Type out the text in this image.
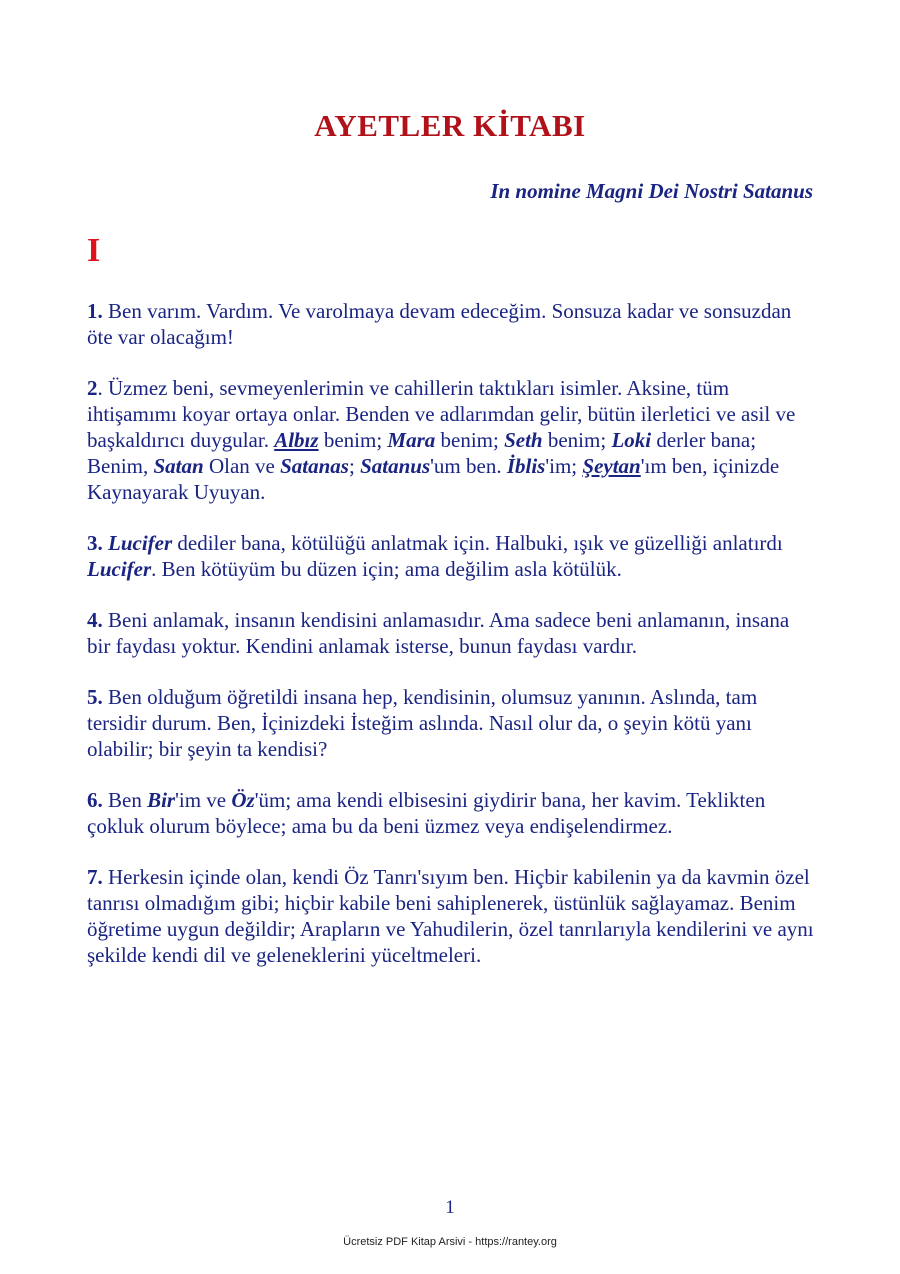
AYETLER KİTABI

In nomine Magni Dei Nostri Satanus

I

1. Ben varım. Vardım. Ve varolmaya devam edeceğim. Sonsuza kadar ve sonsuzdan öte var olacağım!

2. Üzmez beni, sevmeyenlerimin ve cahillerin taktıkları isimler. Aksine, tüm ihtişamımı koyar ortaya onlar. Benden ve adlarımdan gelir, bütün ilerletici ve asil ve başkaldırıcı duygular. Albız benim; Mara benim; Seth benim; Loki derler bana; Benim, Satan Olan ve Satanas; Satanus'um ben. İblis'im; Şeytan'ım ben, içinizde Kaynayarak Uyuyan.

3. Lucifer dediler bana, kötülüğü anlatmak için. Halbuki, ışık ve güzelliği anlatırdı Lucifer. Ben kötüyüm bu düzen için; ama değilim asla kötülük.

4. Beni anlamak, insanın kendisini anlamasıdır. Ama sadece beni anlamanın, insana bir faydası yoktur. Kendini anlamak isterse, bunun faydası vardır.

5. Ben olduğum öğretildi insana hep, kendisinin, olumsuz yanının. Aslında, tam tersidir durum. Ben, İçinizdeki İsteğim aslında. Nasıl olur da, o şeyin kötü yanı olabilir; bir şeyin ta kendisi?

6. Ben Bir'im ve Öz'üm; ama kendi elbisesini giydirir bana, her kavim. Teklikten çokluk olurum böylece; ama bu da beni üzmez veya endişelendirmez.

7. Herkesin içinde olan, kendi Öz Tanrı'sıyım ben. Hiçbir kabilenin ya da kavmin özel tanrısı olmadığım gibi; hiçbir kabile beni sahiplenerek, üstünlük sağlayamaz. Benim öğretime uygun değildir; Arapların ve Yahudilerin, özel tanrılarıyla kendilerini ve aynı şekilde kendi dil ve geleneklerini yüceltmeleri.

1
Ücretsiz PDF Kitap Arsivi - https://rantey.org
